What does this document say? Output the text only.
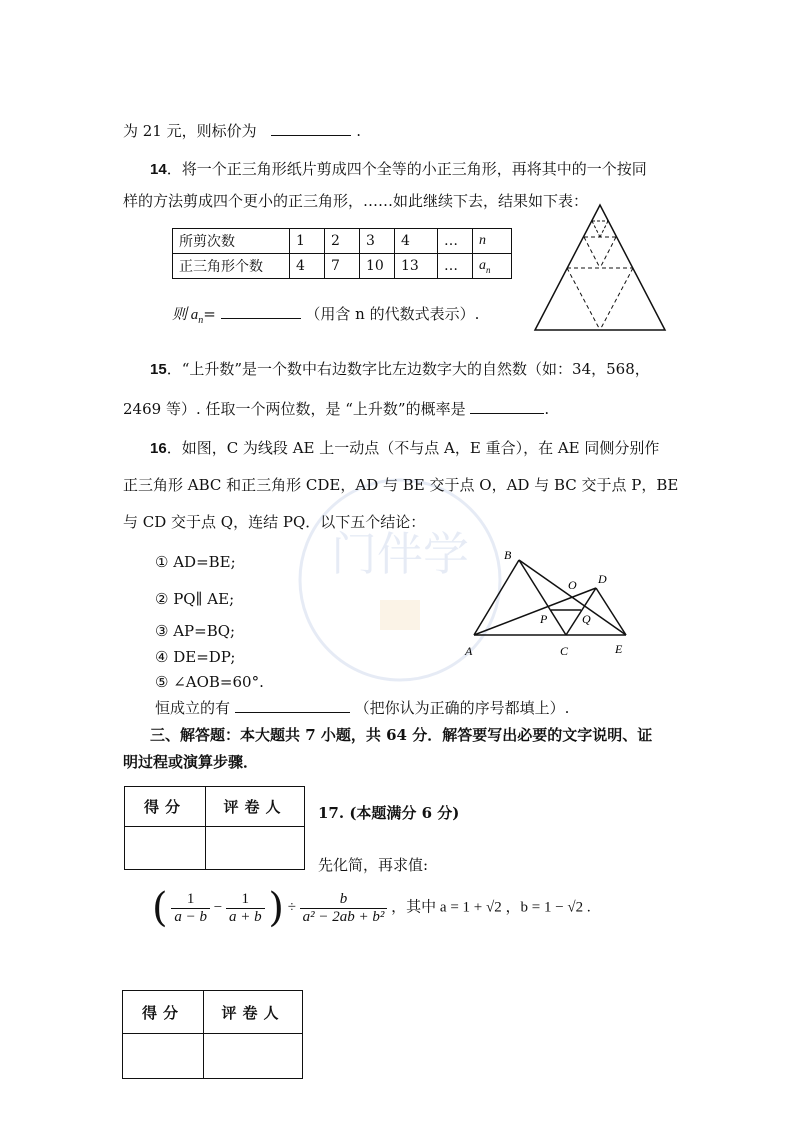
门伴学
为 21 元，则标价为	.
14．将一个正三角形纸片剪成四个全等的小正三角形，再将其中的一个按同
样的方法剪成四个更小的正三角形，……如此继续下去，结果如下表：
所剪次数	1	2	3	4	…	n
正三角形个数	4	7	10	13	…	$a_n$
则 $a_n=$	（用含 n 的代数式表示）.
15．“上升数”是一个数中右边数字比左边数字大的自然数（如：34，568，
2469 等）. 任取一个两位数，是 “上升数”的概率是	.
16．如图，C 为线段 AE 上一动点（不与点 A，E 重合），在 AE 同侧分别作
正三角形 ABC 和正三角形 CDE，AD 与 BE 交于点 O，AD 与 BC 交于点 P，BE
与 CD 交于点 Q，连结 PQ．以下五个结论：
① AD=BE;
② PQ∥ AE;
③ AP=BQ;
④ DE=DP;
⑤ ∠AOB=60°.
恒成立的有	（把你认为正确的序号都填上）.
B
O D
P	Q
A	C	E
三、解答题：本大题共 7 小题，共 64 分．解答要写出必要的文字说明、证
明过程或演算步骤．
得分	评卷人
	17. (本题满分 6 分)
先化简，再求值:
( $\frac{1}{a - b} - \frac{1}{a + b}$ ) ÷ $\frac{b}{\text{a² − 2ab + b²}}$ ，其中 a = 1 + √2 ，b = 1 − √2 .
得分	评卷人
